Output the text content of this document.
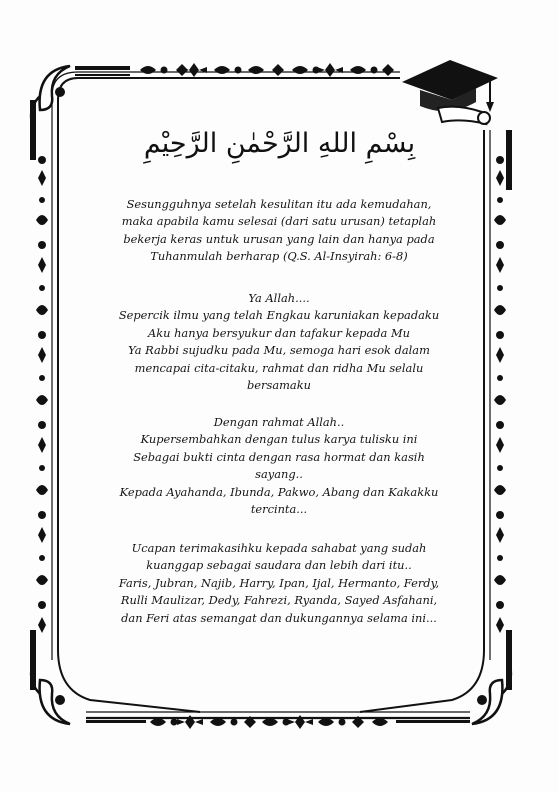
بِسْمِ اللهِ الرَّحْمٰنِ الرَّحِيْمِ
Sesungguhnya setelah kesulitan itu ada kemudahan,
maka apabila kamu selesai (dari satu urusan) tetaplah
bekerja keras untuk urusan yang lain dan hanya pada
Tuhanmulah berharap (Q.S. Al-Insyirah: 6-8)
Ya Allah....
Sepercik ilmu yang telah Engkau karuniakan kepadaku
Aku hanya bersyukur dan tafakur kepada Mu
Ya Rabbi sujudku pada Mu, semoga hari esok dalam
mencapai cita-citaku, rahmat dan ridha Mu selalu
bersamaku
Dengan rahmat Allah..
Kupersembahkan dengan tulus karya tulisku ini
Sebagai bukti cinta dengan rasa hormat dan kasih
sayang..
Kepada Ayahanda, Ibunda, Pakwo, Abang dan Kakakku
tercinta...
Ucapan terimakasihku kepada sahabat yang sudah
kuanggap sebagai saudara dan lebih dari itu..
Faris, Jubran, Najib, Harry, Ipan, Ijal, Hermanto, Ferdy,
Rulli Maulizar, Dedy, Fahrezi, Ryanda, Sayed Asfahani,
dan Feri atas semangat dan dukungannya selama ini...
